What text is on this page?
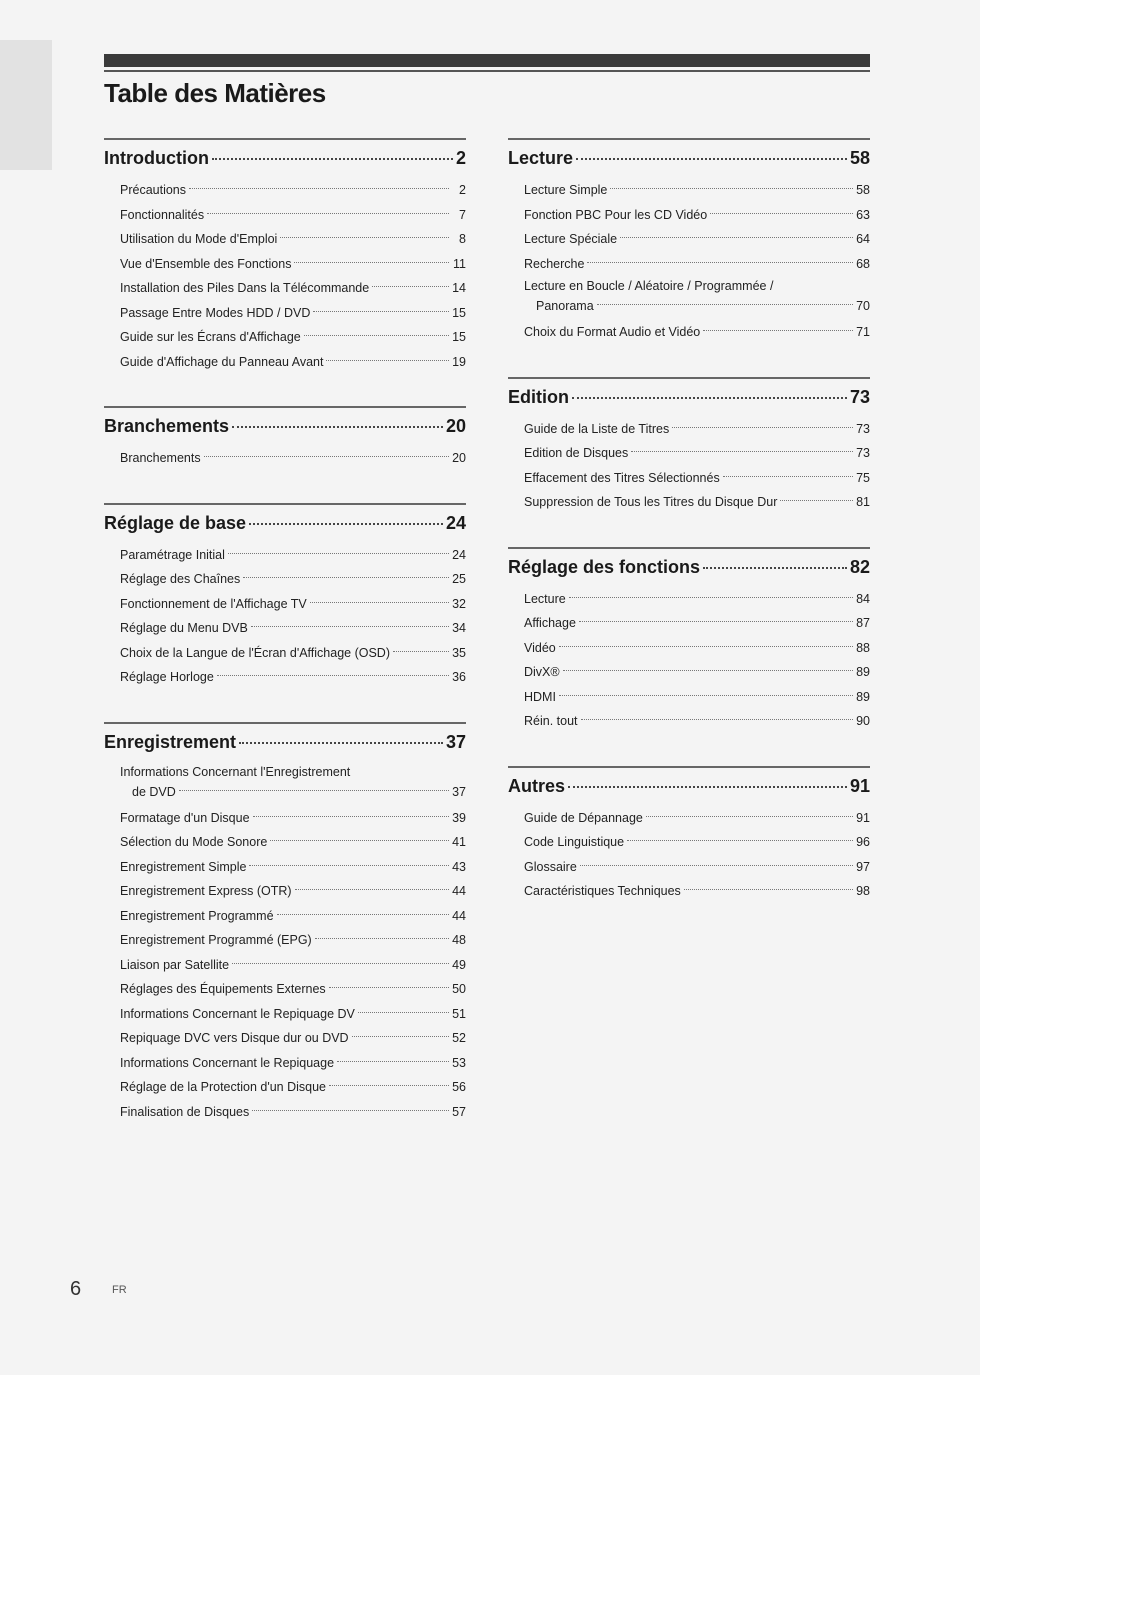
Table des Matières
Introduction	2
Précautions	2
Fonctionnalités	7
Utilisation du Mode d'Emploi	8
Vue d'Ensemble des Fonctions	11
Installation des Piles Dans la Télécommande	14
Passage Entre Modes HDD / DVD	15
Guide sur les Écrans d'Affichage	15
Guide d'Affichage du Panneau Avant	19
Branchements	20
Branchements	20
Réglage de base	24
Paramétrage Initial	24
Réglage des Chaînes	25
Fonctionnement de l'Affichage TV	32
Réglage du Menu DVB	34
Choix de la Langue de l'Écran d'Affichage (OSD)	35
Réglage Horloge	36
Enregistrement	37
Informations Concernant l'Enregistrement
de DVD	37
Formatage d'un Disque	39
Sélection du Mode Sonore	41
Enregistrement Simple	43
Enregistrement Express (OTR)	44
Enregistrement Programmé	44
Enregistrement Programmé (EPG)	48
Liaison par Satellite	49
Réglages des Équipements Externes	50
Informations Concernant le Repiquage DV	51
Repiquage DVC vers Disque dur ou DVD	52
Informations Concernant le Repiquage	53
Réglage de la Protection d'un Disque	56
Finalisation de Disques	57
Lecture	58
Lecture Simple	58
Fonction PBC Pour les CD Vidéo	63
Lecture Spéciale	64
Recherche	68
Lecture en Boucle / Aléatoire / Programmée /
Panorama	70
Choix du Format Audio et Vidéo	71
Edition	73
Guide de la Liste de Titres	73
Edition de Disques	73
Effacement des Titres Sélectionnés	75
Suppression de Tous les Titres du Disque Dur	81
Réglage des fonctions	82
Lecture	84
Affichage	87
Vidéo	88
DivX®	89
HDMI	89
Réin. tout	90
Autres	91
Guide de Dépannage	91
Code Linguistique	96
Glossaire	97
Caractéristiques Techniques	98
6	FR
